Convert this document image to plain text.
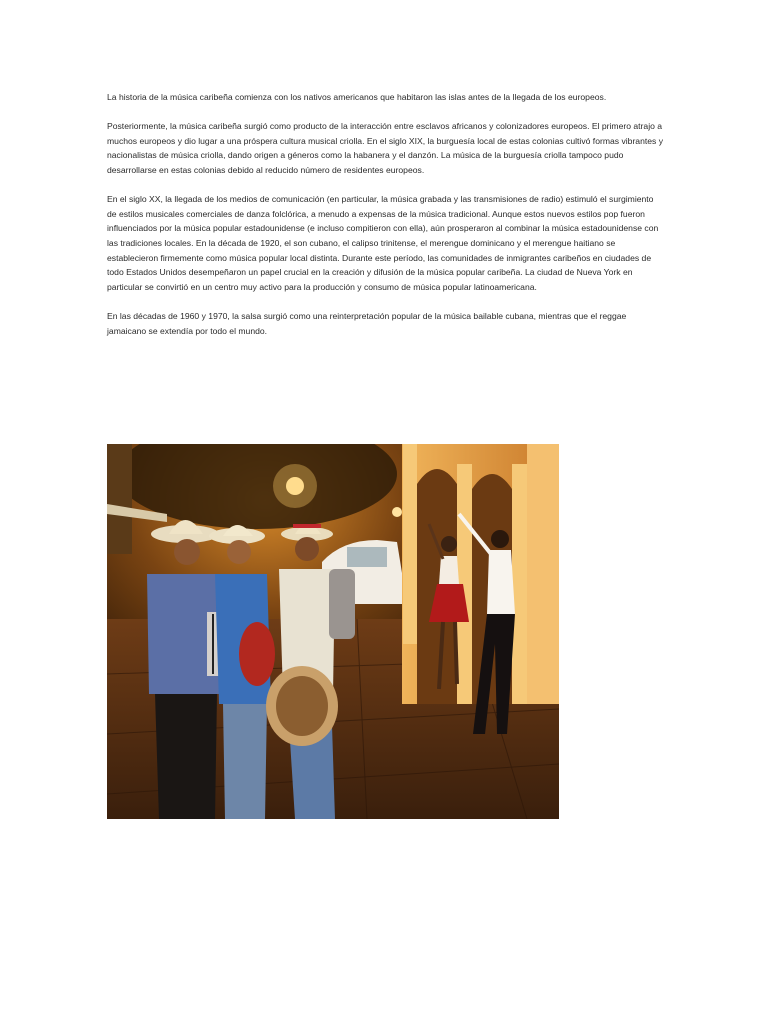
La historia de la música caribeña comienza con los nativos americanos que habitaron las islas antes de la llegada de los europeos.

Posteriormente, la música caribeña surgió como producto de la interacción entre esclavos africanos y colonizadores europeos. El primero atrajo a muchos europeos y dio lugar a una próspera cultura musical criolla. En el siglo XIX, la burguesía local de estas colonias cultivó formas vibrantes y nacionalistas de música criolla, dando origen a géneros como la habanera y el danzón. La música de la burguesía criolla tampoco pudo desarrollarse en estas colonias debido al reducido número de residentes europeos.

En el siglo XX, la llegada de los medios de comunicación (en particular, la música grabada y las transmisiones de radio) estimuló el surgimiento de estilos musicales comerciales de danza folclórica, a menudo a expensas de la música tradicional. Aunque estos nuevos estilos pop fueron influenciados por la música popular estadounidense (e incluso compitieron con ella), aún prosperaron al combinar la música estadounidense con las tradiciones locales. En la década de 1920, el son cubano, el calipso trinitense, el merengue dominicano y el merengue haitiano se establecieron firmemente como música popular local distinta. Durante este período, las comunidades de inmigrantes caribeños en ciudades de todo Estados Unidos desempeñaron un papel crucial en la creación y difusión de la música popular caribeña. La ciudad de Nueva York en particular se convirtió en un centro muy activo para la producción y consumo de música popular latinoamericana.

En las décadas de 1960 y 1970, la salsa surgió como una reinterpretación popular de la música bailable cubana, mientras que el reggae jamaicano se extendía por todo el mundo.
